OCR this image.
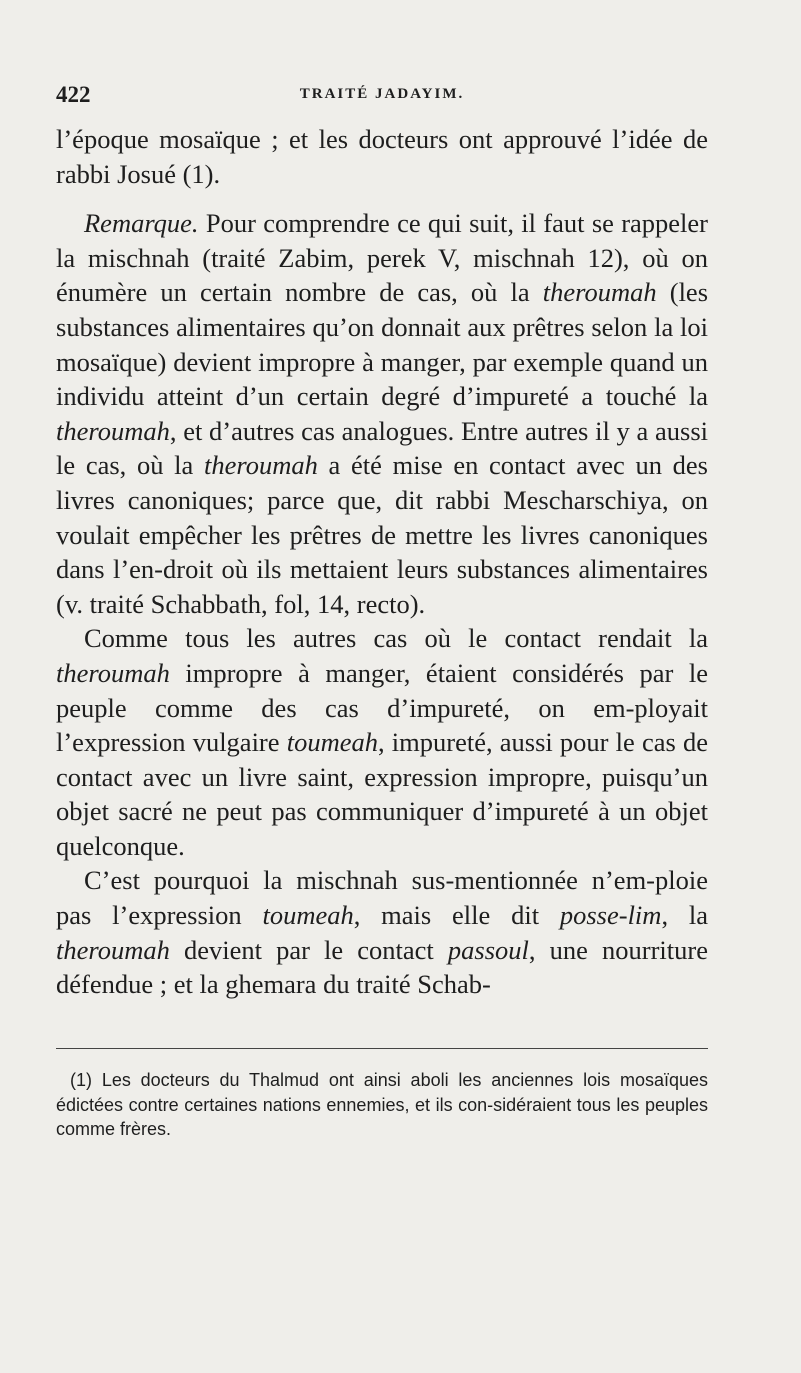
422	TRAITÉ JADAYIM.

l’époque mosaïque ; et les docteurs ont approuvé l’idée de rabbi Josué (1).

Remarque. Pour comprendre ce qui suit, il faut se rappeler la mischnah (traité Zabim, perek V, mischnah 12), où on énumère un certain nombre de cas, où la theroumah (les substances alimentaires qu’on donnait aux prêtres selon la loi mosaïque) devient impropre à manger, par exemple quand un individu atteint d’un certain degré d’impureté a touché la theroumah, et d’autres cas analogues. Entre autres il y a aussi le cas, où la theroumah a été mise en contact avec un des livres canoniques; parce que, dit rabbi Mescharschiya, on voulait empêcher les prêtres de mettre les livres canoniques dans l’en-droit où ils mettaient leurs substances alimentaires (v. traité Schabbath, fol, 14, recto).

Comme tous les autres cas où le contact rendait la theroumah impropre à manger, étaient considérés par le peuple comme des cas d’impureté, on em-ployait l’expression vulgaire toumeah, impureté, aussi pour le cas de contact avec un livre saint, expression impropre, puisqu’un objet sacré ne peut pas communiquer d’impureté à un objet quelconque.

C’est pourquoi la mischnah sus-mentionnée n’em-ploie pas l’expression toumeah, mais elle dit posse-lim, la theroumah devient par le contact passoul, une nourriture défendue ; et la ghemara du traité Schab-

(1) Les docteurs du Thalmud ont ainsi aboli les anciennes lois mosaïques édictées contre certaines nations ennemies, et ils con-sidéraient tous les peuples comme frères.
